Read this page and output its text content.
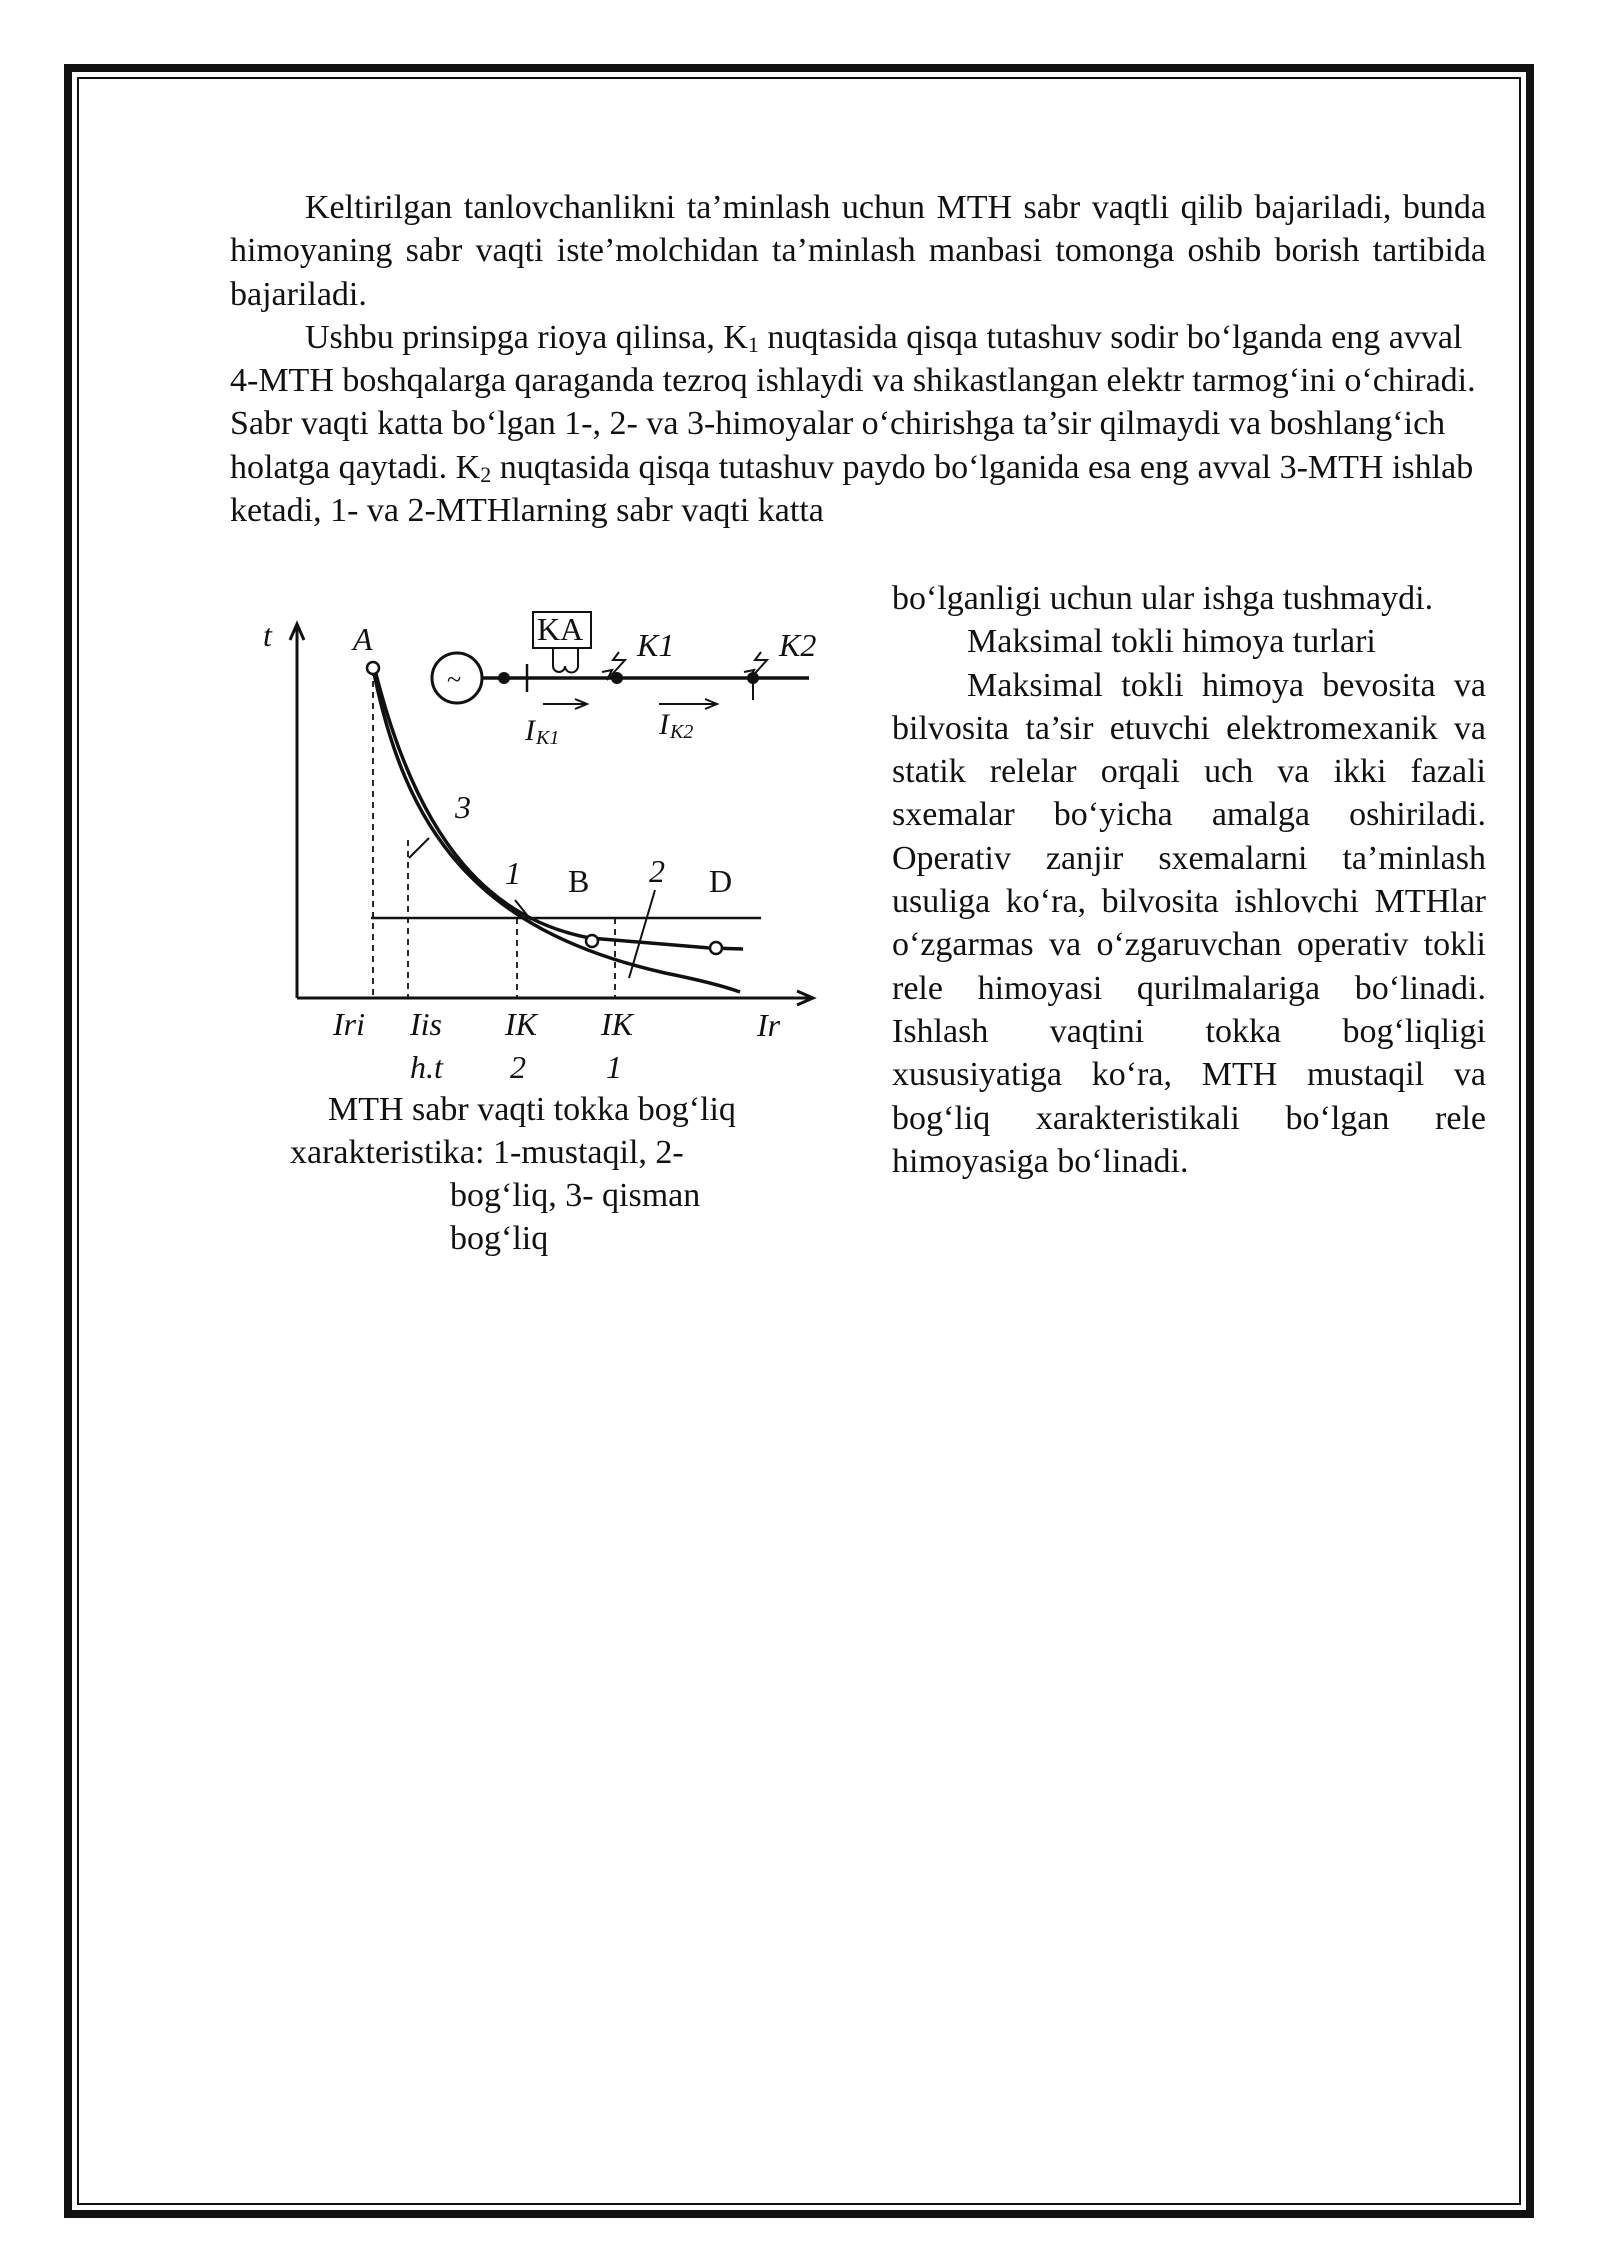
Keltirilgan tanlovchanlikni ta’minlash uchun MTH sabr vaqtli qilib bajariladi, bunda himoyaning sabr vaqti iste’molchidan ta’minlash manbasi tomonga oshib borish tartibida bajariladi.

Ushbu prinsipga rioya qilinsa, $K_1$ nuqtasida qisqa tutashuv sodir bo‘lganda eng avval 4-MTH boshqalarga qaraganda tezroq ishlaydi va shikastlangan elektr tarmog‘ini o‘chiradi. Sabr vaqti katta bo‘lgan 1-, 2- va 3-himoyalar o‘chirishga ta’sir qilmaydi va boshlang‘ich holatga qaytadi. $K_2$ nuqtasida qisqa tutashuv paydo bo‘lganida esa eng avval 3-MTH ishlab ketadi, 1- va 2-MTHlarning sabr vaqti katta

bo‘lganligi uchun ular ishga tushmaydi.

Maksimal tokli himoya turlari

Maksimal tokli himoya bevosita va bilvosita ta’sir etuvchi elektromexanik va statik relelar orqali uch va ikki fazali sxemalar bo‘yicha amalga oshiriladi. Operativ zanjir sxemalarni ta’minlash usuliga ko‘ra, bilvosita ishlovchi MTHlar o‘zgarmas va o‘zgaruvchan operativ tokli rele himoyasi qurilmalariga bo‘linadi. Ishlash vaqtini tokka bog‘liqligi xususiyatiga ko‘ra, MTH mustaqil va bog‘liq xarakteristikali bo‘lgan rele himoyasiga bo‘linadi.

t	A
3
1 B 2 D
KA K1	K2
~
Ir
Iri Iis
h.t
IK
2
IK
1
I K1	I K2
MTH sabr vaqti tokka bog‘liq
xarakteristika: 1-mustaqil, 2-
bog‘liq, 3- qisman
bog‘liq
